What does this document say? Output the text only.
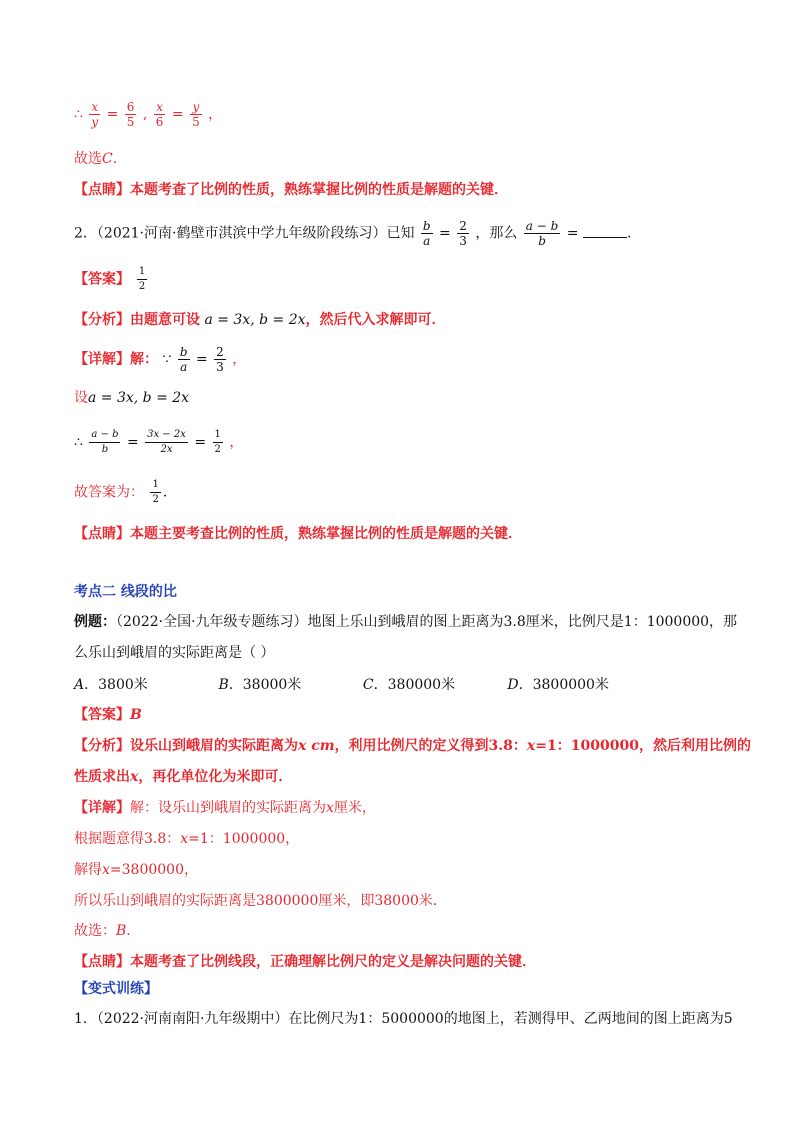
∴ $\frac{x}{y} = \frac{6}{5}$ , $\frac{x}{6} = \frac{y}{5}$ ，
故选C．
【点睛】本题考查了比例的性质，熟练掌握比例的性质是解题的关键．
2．（2021·河南·鹤壁市淇滨中学九年级阶段练习）已知 $\frac{b}{a} = \frac{2}{3}$ ，那么 $\frac{a - b}{b}$ =	.
【答案】 $\frac{1}{2}$
【分析】由题意可设 a = 3x, b = 2x，然后代入求解即可．
【详解】解： ∵ $\frac{b}{a} = \frac{2}{3}$ ，
设a = 3x, b = 2x
∴ $\frac{a - b}{b} = \frac{3x - 2x}{2x} = \frac{1}{2}$ ，
故答案为： $\frac{1}{2}$ ．
【点睛】本题主要考查比例的性质，熟练掌握比例的性质是解题的关键．
考点二 线段的比
例题：（2022·全国·九年级专题练习）地图上乐山到峨眉的图上距离为3.8厘米，比例尺是1：1000000，那
么乐山到峨眉的实际距离是（ ）
A．3800米	B．38000米	C．380000米	D．3800000米
【答案】B
【分析】设乐山到峨眉的实际距离为x cm，利用比例尺的定义得到3.8：x=1：1000000，然后利用比例的
性质求出x，再化单位化为米即可．
【详解】解：设乐山到峨眉的实际距离为x厘米，
根据题意得3.8：x=1：1000000，
解得x=3800000，
所以乐山到峨眉的实际距离是3800000厘米，即38000米．
故选：B．
【点睛】本题考查了比例线段，正确理解比例尺的定义是解决问题的关键．
【变式训练】
1．（2022·河南南阳·九年级期中）在比例尺为1：5000000的地图上，若测得甲、乙两地间的图上距离为5
